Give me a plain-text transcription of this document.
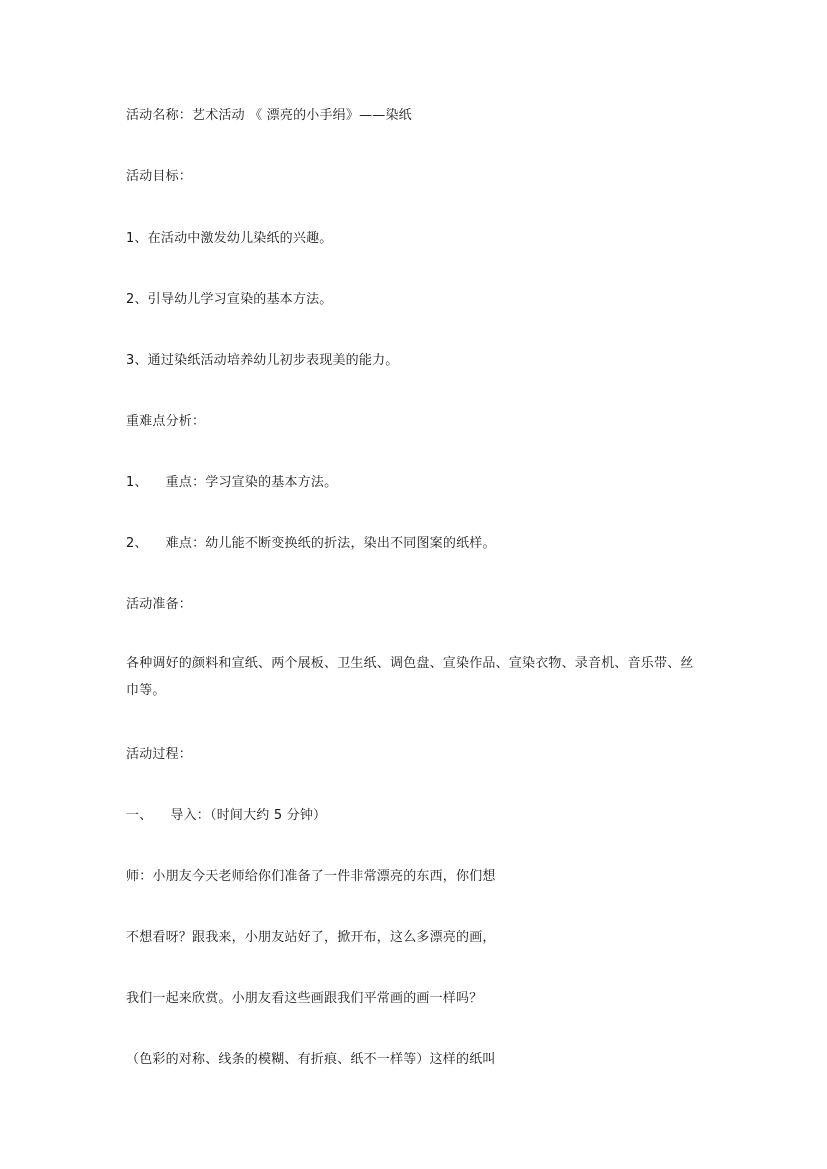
活动名称：艺术活动 《 漂亮的小手绢》——染纸
活动目标：
1、在活动中激发幼儿染纸的兴趣。
2、引导幼儿学习宣染的基本方法。
3、通过染纸活动培养幼儿初步表现美的能力。
重难点分析：
1、 重点：学习宣染的基本方法。
2、 难点：幼儿能不断变换纸的折法，染出不同图案的纸样。
活动准备：
各种调好的颜料和宣纸、两个展板、卫生纸、调色盘、宣染作品、宣染衣物、录音机、音乐带、丝巾等。
活动过程：
一、 导入：（时间大约 5 分钟）
师：小朋友今天老师给你们准备了一件非常漂亮的东西，你们想
不想看呀？跟我来，小朋友站好了，掀开布，这么多漂亮的画，
我们一起来欣赏。小朋友看这些画跟我们平常画的画一样吗？
（色彩的对称、线条的模糊、有折痕、纸不一样等）这样的纸叫
